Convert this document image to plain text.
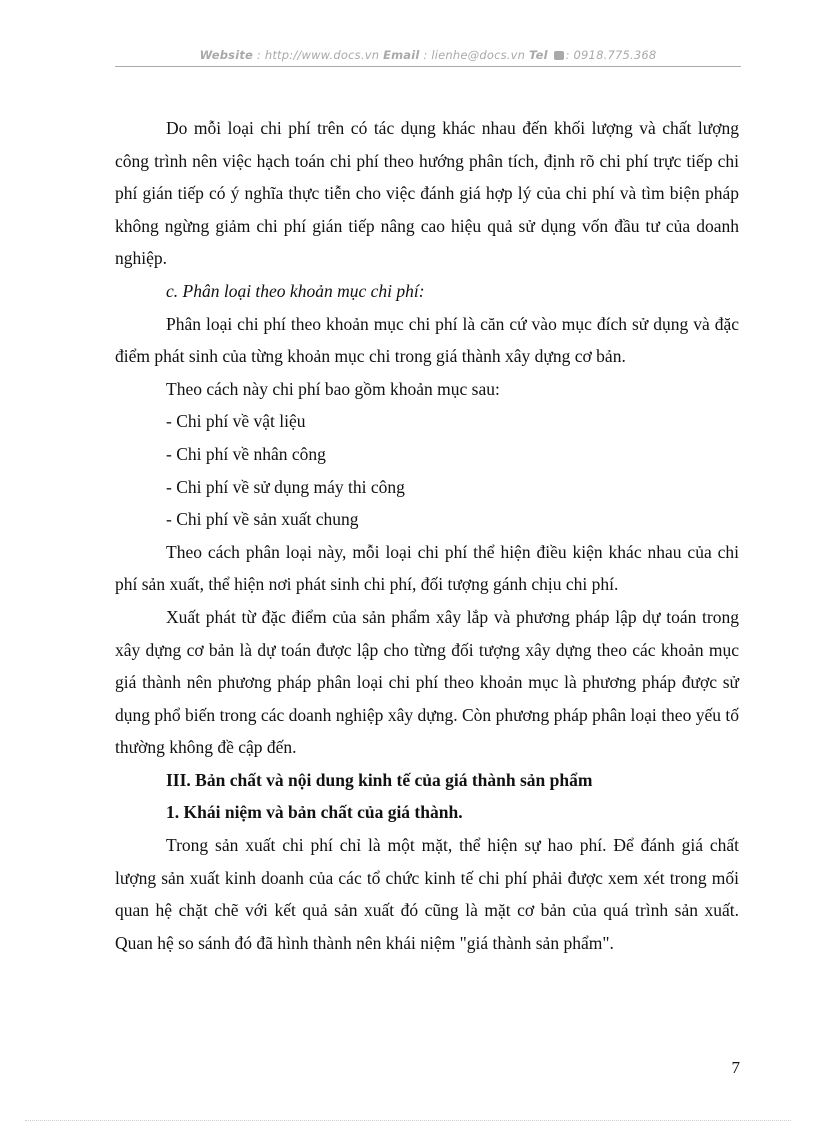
Website : http://www.docs.vn Email : lienhe@docs.vn Tel : 0918.775.368

Do mỗi loại chi phí trên có tác dụng khác nhau đến khối lượng và chất lượng công trình nên việc hạch toán chi phí theo hướng phân tích, định rõ chi phí trực tiếp chi phí gián tiếp có ý nghĩa thực tiễn cho việc đánh giá hợp lý của chi phí và tìm biện pháp không ngừng giảm chi phí gián tiếp nâng cao hiệu quả sử dụng vốn đầu tư của doanh nghiệp.

c. Phân loại theo khoản mục chi phí:

Phân loại chi phí theo khoản mục chi phí là căn cứ vào mục đích sử dụng và đặc điểm phát sinh của từng khoản mục chi trong giá thành xây dựng cơ bản.

Theo cách này chi phí bao gồm khoản mục sau:

- Chi phí về vật liệu

- Chi phí về nhân công

- Chi phí về sử dụng máy thi công

- Chi phí về sản xuất chung

Theo cách phân loại này, mỗi loại chi phí thể hiện điều kiện khác nhau của chi phí sản xuất, thể hiện nơi phát sinh chi phí, đối tượng gánh chịu chi phí.

Xuất phát từ đặc điểm của sản phẩm xây lắp và phương pháp lập dự toán trong xây dựng cơ bản là dự toán được lập cho từng đối tượng xây dựng theo các khoản mục giá thành nên phương pháp phân loại chi phí theo khoản mục là phương pháp được sử dụng phổ biến trong các doanh nghiệp xây dựng. Còn phương pháp phân loại theo yếu tố thường không đề cập đến.

III. Bản chất và nội dung kinh tế của giá thành sản phẩm

1. Khái niệm và bản chất của giá thành.

Trong sản xuất chi phí chỉ là một mặt, thể hiện sự hao phí. Để đánh giá chất lượng sản xuất kinh doanh của các tổ chức kinh tế chi phí phải được xem xét trong mối quan hệ chặt chẽ với kết quả sản xuất đó cũng là mặt cơ bản của quá trình sản xuất. Quan hệ so sánh đó đã hình thành nên khái niệm "giá thành sản phẩm".

7
